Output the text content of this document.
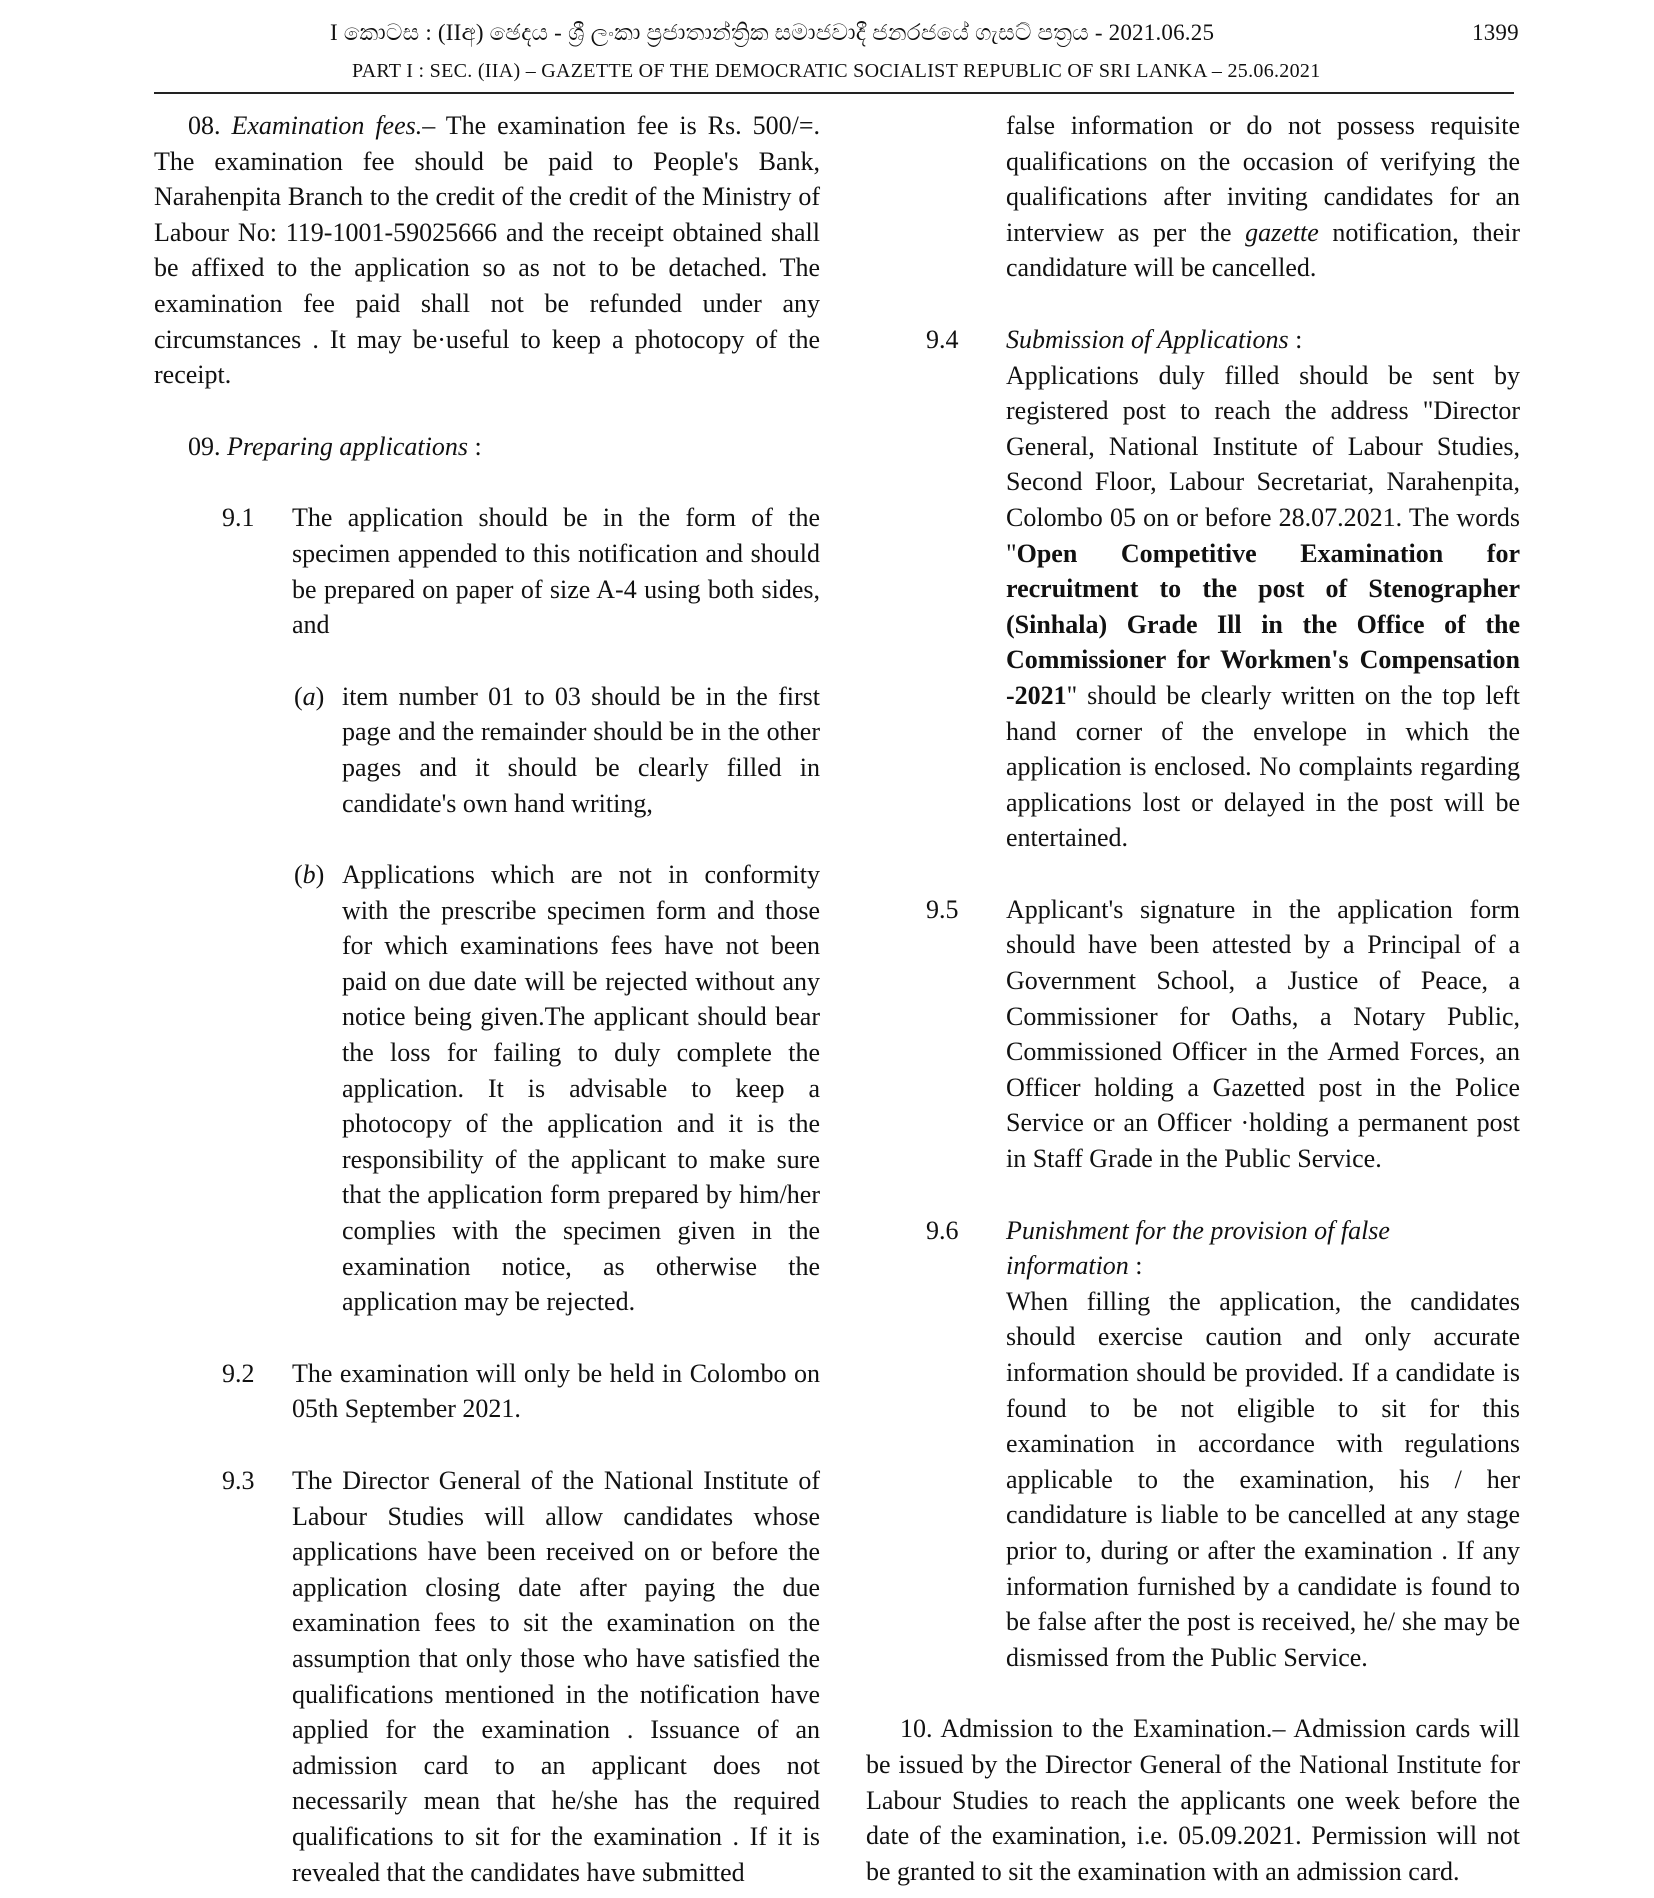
I කොටස : (IIඅ) ඡෙදය - ශ්‍රී ලංකා ප්‍රජාතාන්ත්‍රික සමාජවාදී ජනරජයේ ගැසට් පත්‍රය - 2021.06.25	1399
PART I : SEC. (IIA) – GAZETTE OF THE DEMOCRATIC SOCIALIST REPUBLIC OF SRI LANKA – 25.06.2021

08. Examination fees.– The examination fee is Rs. 500/=. The examination fee should be paid to People's Bank, Narahenpita Branch to the credit of the credit of the Ministry of Labour No: 119-1001-59025666 and the receipt obtained shall be affixed to the application so as not to be detached. The examination fee paid shall not be refunded under any circumstances . It may be·useful to keep a photocopy of the receipt.

09. Preparing applications :

9.1	The application should be in the form of the specimen appended to this notification and should be prepared on paper of size A-4 using both sides, and
(a) item number 01 to 03 should be in the first page and the remainder should be in the other pages and it should be clearly filled in candidate's own hand writing,
(b) Applications which are not in conformity with the prescribe specimen form and those for which examinations fees have not been paid on due date will be rejected without any notice being given.The applicant should bear the loss for failing to duly complete the application. It is advisable to keep a photocopy of the application and it is the responsibility of the applicant to make sure that the application form prepared by him/her complies with the specimen given in the examination notice, as otherwise the application may be rejected.
9.2	The examination will only be held in Colombo on 05th September 2021.
9.3	The Director General of the National Institute of Labour Studies will allow candidates whose applications have been received on or before the application closing date after paying the due examination fees to sit the examination on the assumption that only those who have satisfied the qualifications mentioned in the notification have applied for the examination . Issuance of an admission card to an applicant does not necessarily mean that he/she has the required qualifications to sit for the examination . If it is revealed that the candidates have submitted

false information or do not possess requisite qualifications on the occasion of verifying the qualifications after inviting candidates for an interview as per the gazette notification, their candidature will be cancelled.

9.4	Submission of Applications :

Applications duly filled should be sent by registered post to reach the address "Director General, National Institute of Labour Studies, Second Floor, Labour Secretariat, Narahenpita, Colombo 05 on or before 28.07.2021. The words "Open Competitive Examination for recruitment to the post of Stenographer (Sinhala) Grade Ill in the Office of the Commissioner for Workmen's Compensation -2021" should be clearly written on the top left hand corner of the envelope in which the application is enclosed. No complaints regarding applications lost or delayed in the post will be entertained.

9.5	Applicant's signature in the application form should have been attested by a Principal of a Government School, a Justice of Peace, a Commissioner for Oaths, a Notary Public, Commissioned Officer in the Armed Forces, an Officer holding a Gazetted post in the Police Service or an Officer ·holding a permanent post in Staff Grade in the Public Service.
9.6	Punishment for the provision of false information :

When filling the application, the candidates should exercise caution and only accurate information should be provided. If a candidate is found to be not eligible to sit for this examination in accordance with regulations applicable to the examination, his / her candidature is liable to be cancelled at any stage prior to, during or after the examination . If any information furnished by a candidate is found to be false after the post is received, he/ she may be dismissed from the Public Service.

10. Admission to the Examination.– Admission cards will be issued by the Director General of the National Institute for Labour Studies to reach the applicants one week before the date of the examination, i.e. 05.09.2021. Permission will not be granted to sit the examination with an admission card.
